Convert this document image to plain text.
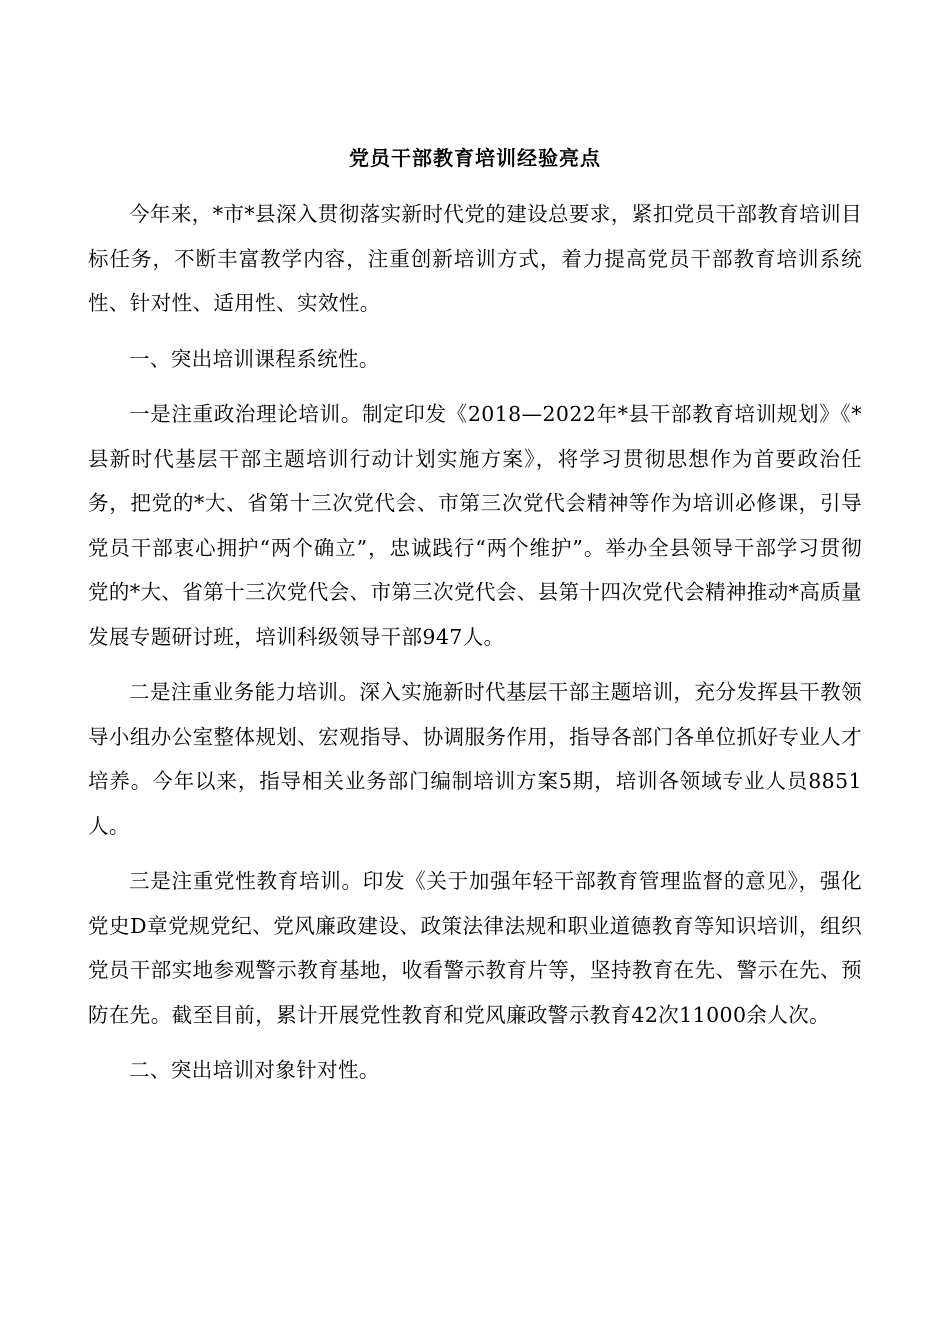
党员干部教育培训经验亮点

今年来，*市*县深入贯彻落实新时代党的建设总要求，紧扣党员干部教育培训目标任务，不断丰富教学内容，注重创新培训方式，着力提高党员干部教育培训系统性、针对性、适用性、实效性。

一、突出培训课程系统性。

一是注重政治理论培训。制定印发《2018—2022年*县干部教育培训规划》《*县新时代基层干部主题培训行动计划实施方案》，将学习贯彻思想作为首要政治任务，把党的*大、省第十三次党代会、市第三次党代会精神等作为培训必修课，引导党员干部衷心拥护“两个确立”，忠诚践行“两个维护”。举办全县领导干部学习贯彻党的*大、省第十三次党代会、市第三次党代会、县第十四次党代会精神推动*高质量发展专题研讨班，培训科级领导干部947人。

二是注重业务能力培训。深入实施新时代基层干部主题培训，充分发挥县干教领导小组办公室整体规划、宏观指导、协调服务作用，指导各部门各单位抓好专业人才培养。今年以来，指导相关业务部门编制培训方案5期，培训各领域专业人员8851人。

三是注重党性教育培训。印发《关于加强年轻干部教育管理监督的意见》，强化党史D章党规党纪、党风廉政建设、政策法律法规和职业道德教育等知识培训，组织党员干部实地参观警示教育基地，收看警示教育片等，坚持教育在先、警示在先、预防在先。截至目前，累计开展党性教育和党风廉政警示教育42次11000余人次。

二、突出培训对象针对性。
